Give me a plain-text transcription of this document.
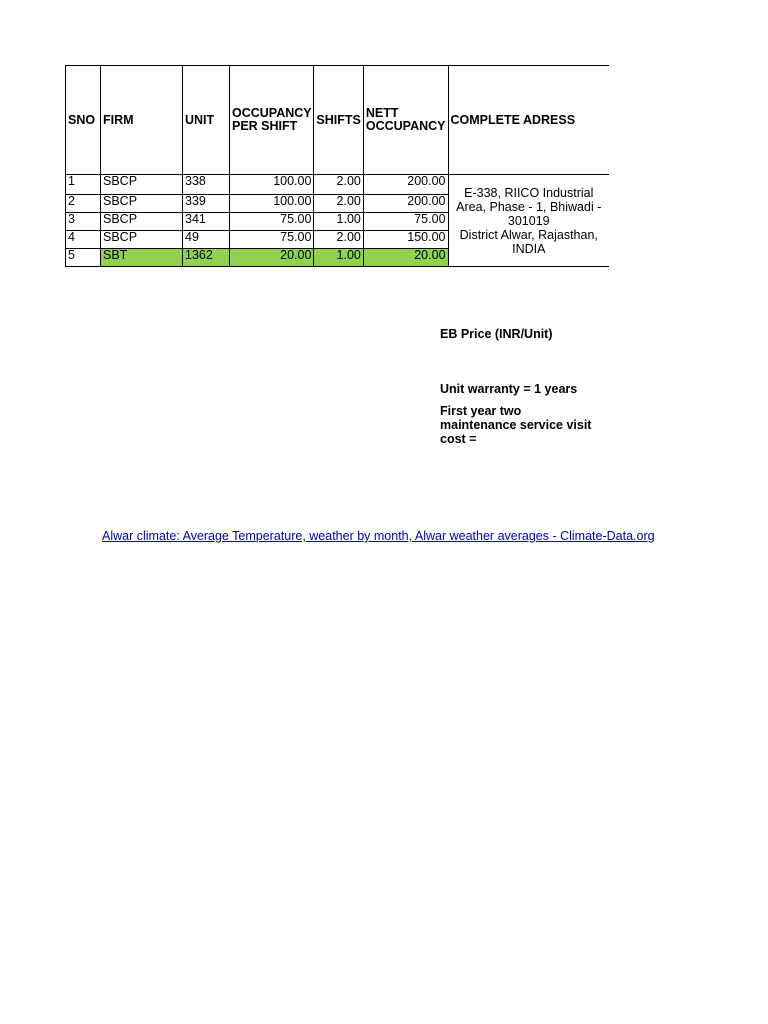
SNO	FIRM	UNIT	OCCUPANCY PER SHIFT	SHIFTS	NETT OCCUPANCY	COMPLETE ADRESS
1	SBCP	338	100.00	2.00	200.00	E-338, RIICO Industrial Area, Phase - 1, Bhiwadi - 301019
District Alwar, Rajasthan, INDIA

2	SBCP	339	100.00	2.00	200.00	
3	SBCP	341	75.00	1.00	75.00	
4	SBCP	49	75.00	2.00	150.00	
5	SBT	1362	20.00	1.00	20.00	
EB Price (INR/Unit)
Unit warranty = 1 years
First year two maintenance service visit cost =
Alwar climate: Average Temperature, weather by month, Alwar weather averages - Climate-Data.org
